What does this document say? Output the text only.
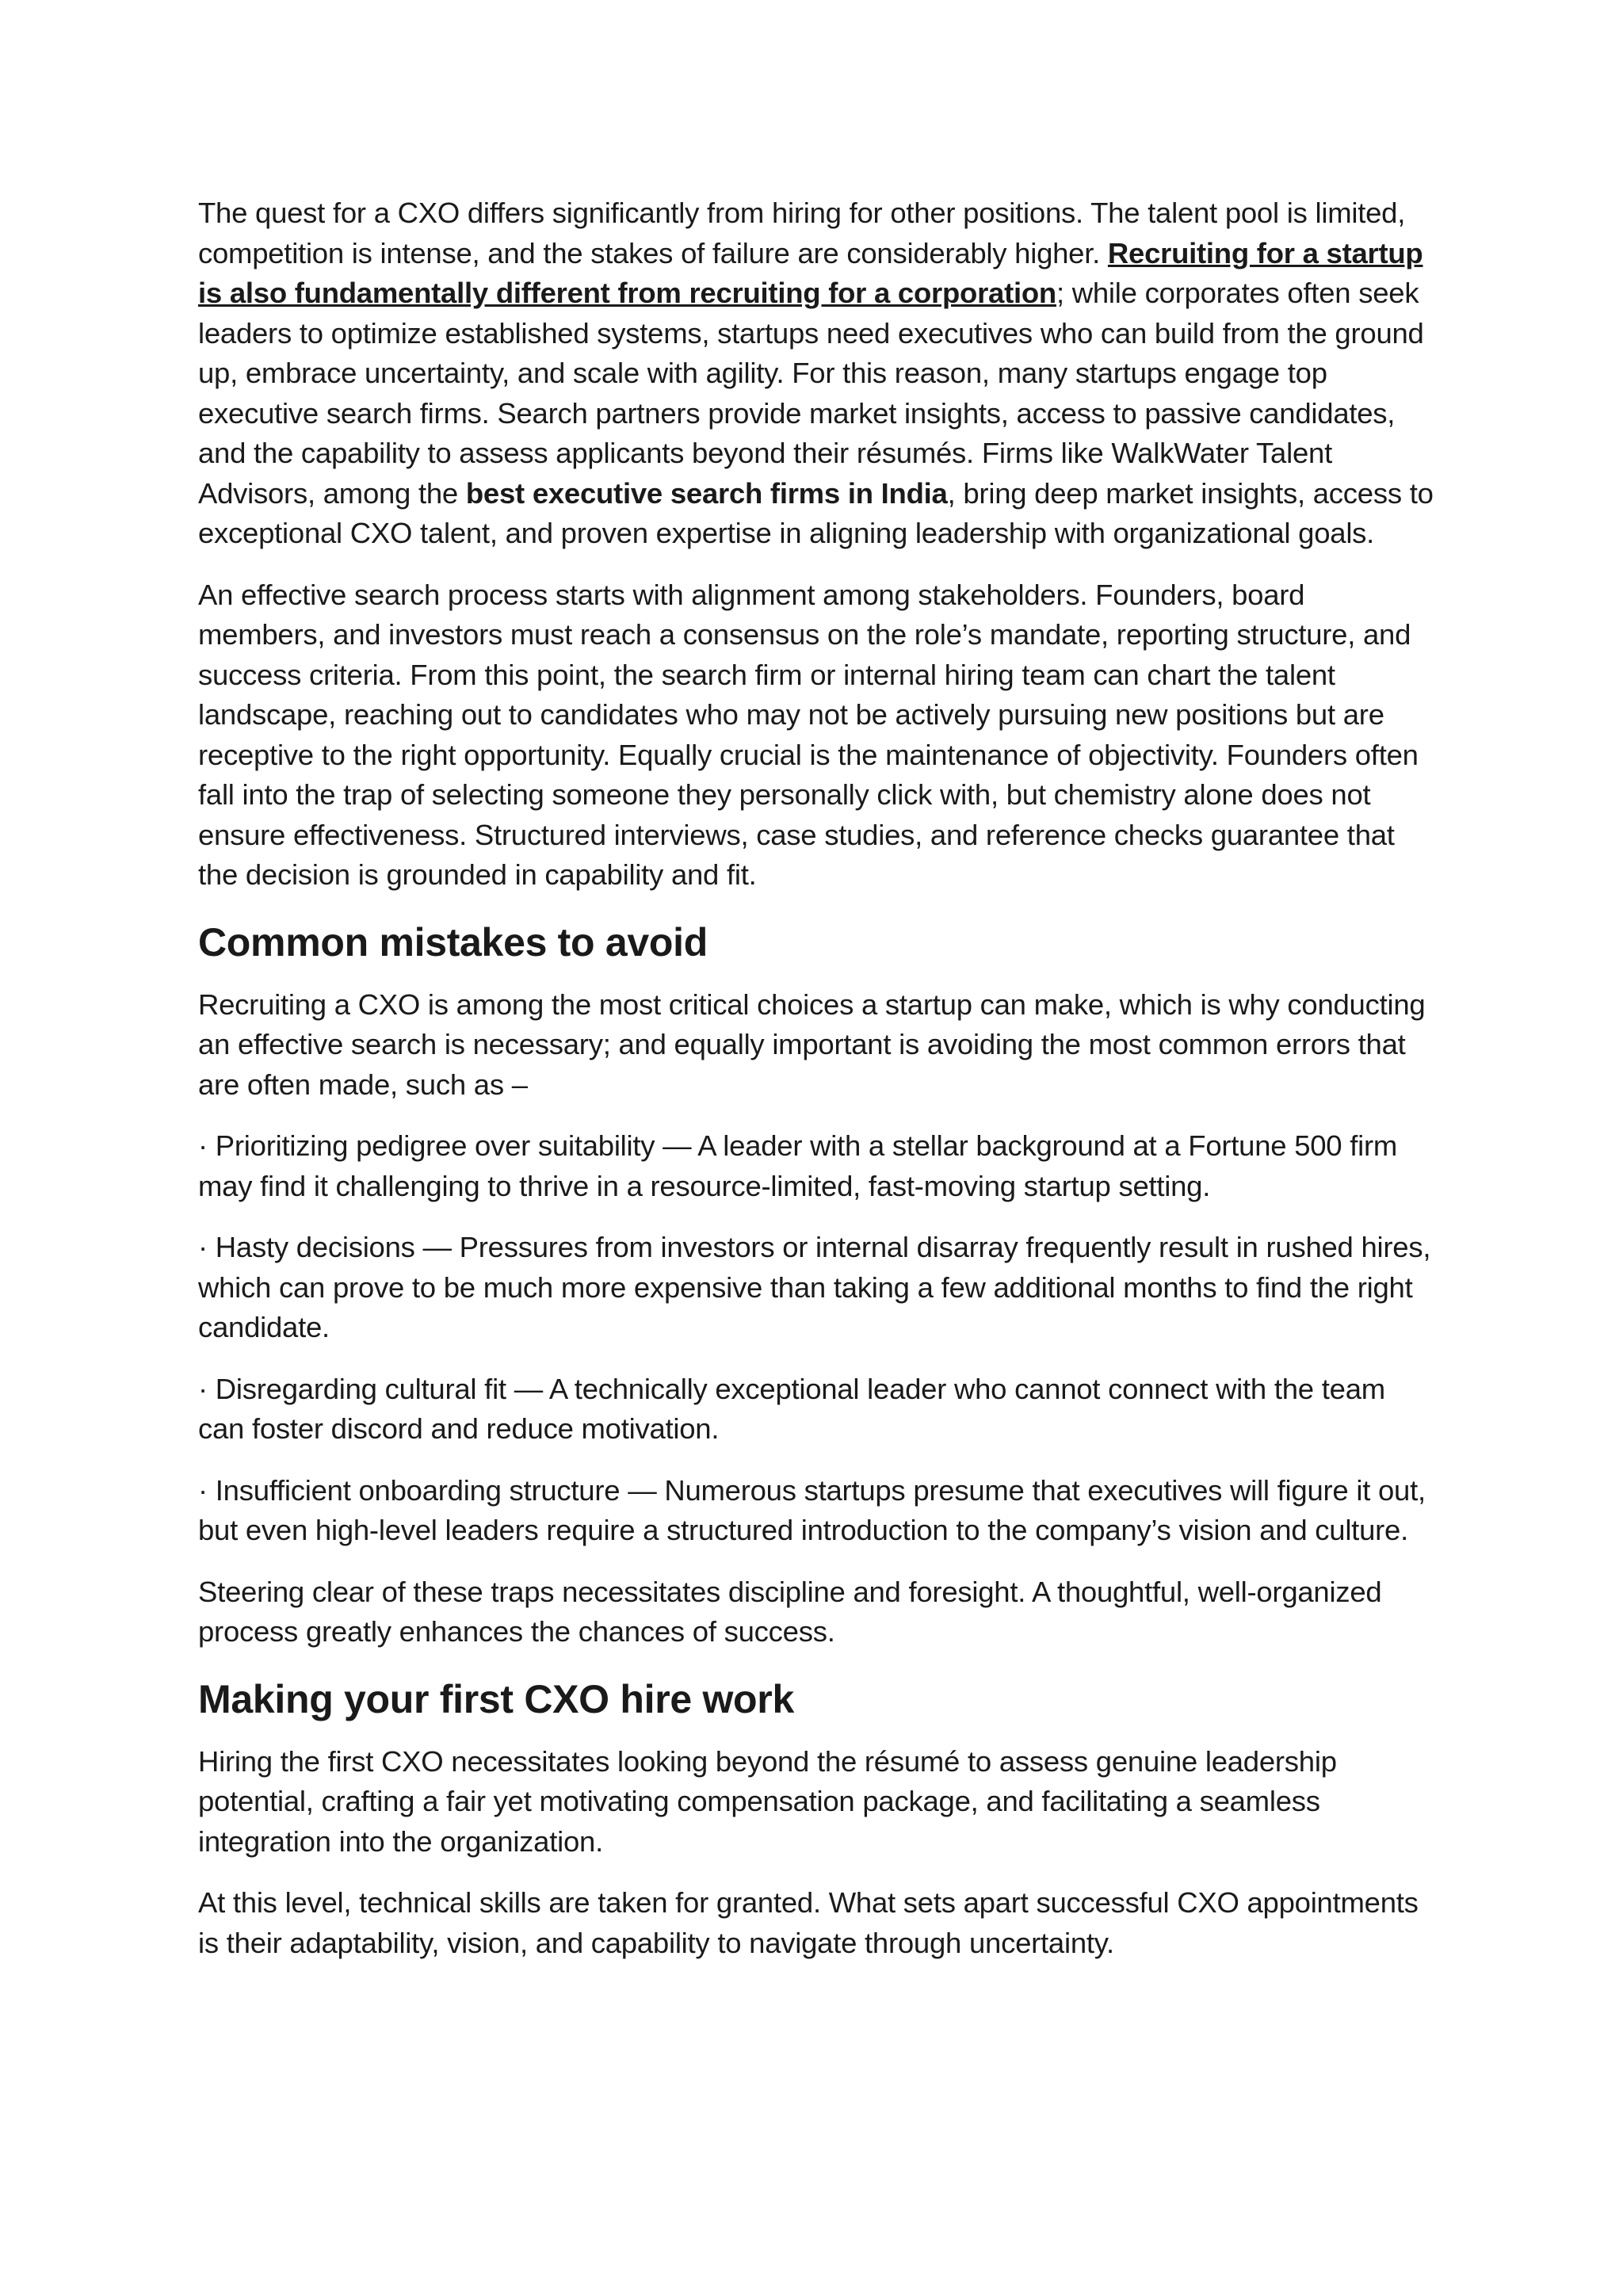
The quest for a CXO differs significantly from hiring for other positions. The talent pool is limited, competition is intense, and the stakes of failure are considerably higher. Recruiting for a startup is also fundamentally different from recruiting for a corporation; while corporates often seek leaders to optimize established systems, startups need executives who can build from the ground up, embrace uncertainty, and scale with agility. For this reason, many startups engage top executive search firms. Search partners provide market insights, access to passive candidates, and the capability to assess applicants beyond their résumés. Firms like WalkWater Talent Advisors, among the best executive search firms in India, bring deep market insights, access to exceptional CXO talent, and proven expertise in aligning leadership with organizational goals.

An effective search process starts with alignment among stakeholders. Founders, board members, and investors must reach a consensus on the role’s mandate, reporting structure, and success criteria. From this point, the search firm or internal hiring team can chart the talent landscape, reaching out to candidates who may not be actively pursuing new positions but are receptive to the right opportunity. Equally crucial is the maintenance of objectivity. Founders often fall into the trap of selecting someone they personally click with, but chemistry alone does not ensure effectiveness. Structured interviews, case studies, and reference checks guarantee that the decision is grounded in capability and fit.

Common mistakes to avoid

Recruiting a CXO is among the most critical choices a startup can make, which is why conducting an effective search is necessary; and equally important is avoiding the most common errors that are often made, such as –

· Prioritizing pedigree over suitability — A leader with a stellar background at a Fortune 500 firm may find it challenging to thrive in a resource-limited, fast-moving startup setting.

· Hasty decisions — Pressures from investors or internal disarray frequently result in rushed hires, which can prove to be much more expensive than taking a few additional months to find the right candidate.

· Disregarding cultural fit — A technically exceptional leader who cannot connect with the team can foster discord and reduce motivation.

· Insufficient onboarding structure — Numerous startups presume that executives will figure it out, but even high-level leaders require a structured introduction to the company’s vision and culture.

Steering clear of these traps necessitates discipline and foresight. A thoughtful, well-organized process greatly enhances the chances of success.

Making your first CXO hire work

Hiring the first CXO necessitates looking beyond the résumé to assess genuine leadership potential, crafting a fair yet motivating compensation package, and facilitating a seamless integration into the organization.

At this level, technical skills are taken for granted. What sets apart successful CXO appointments is their adaptability, vision, and capability to navigate through uncertainty.
